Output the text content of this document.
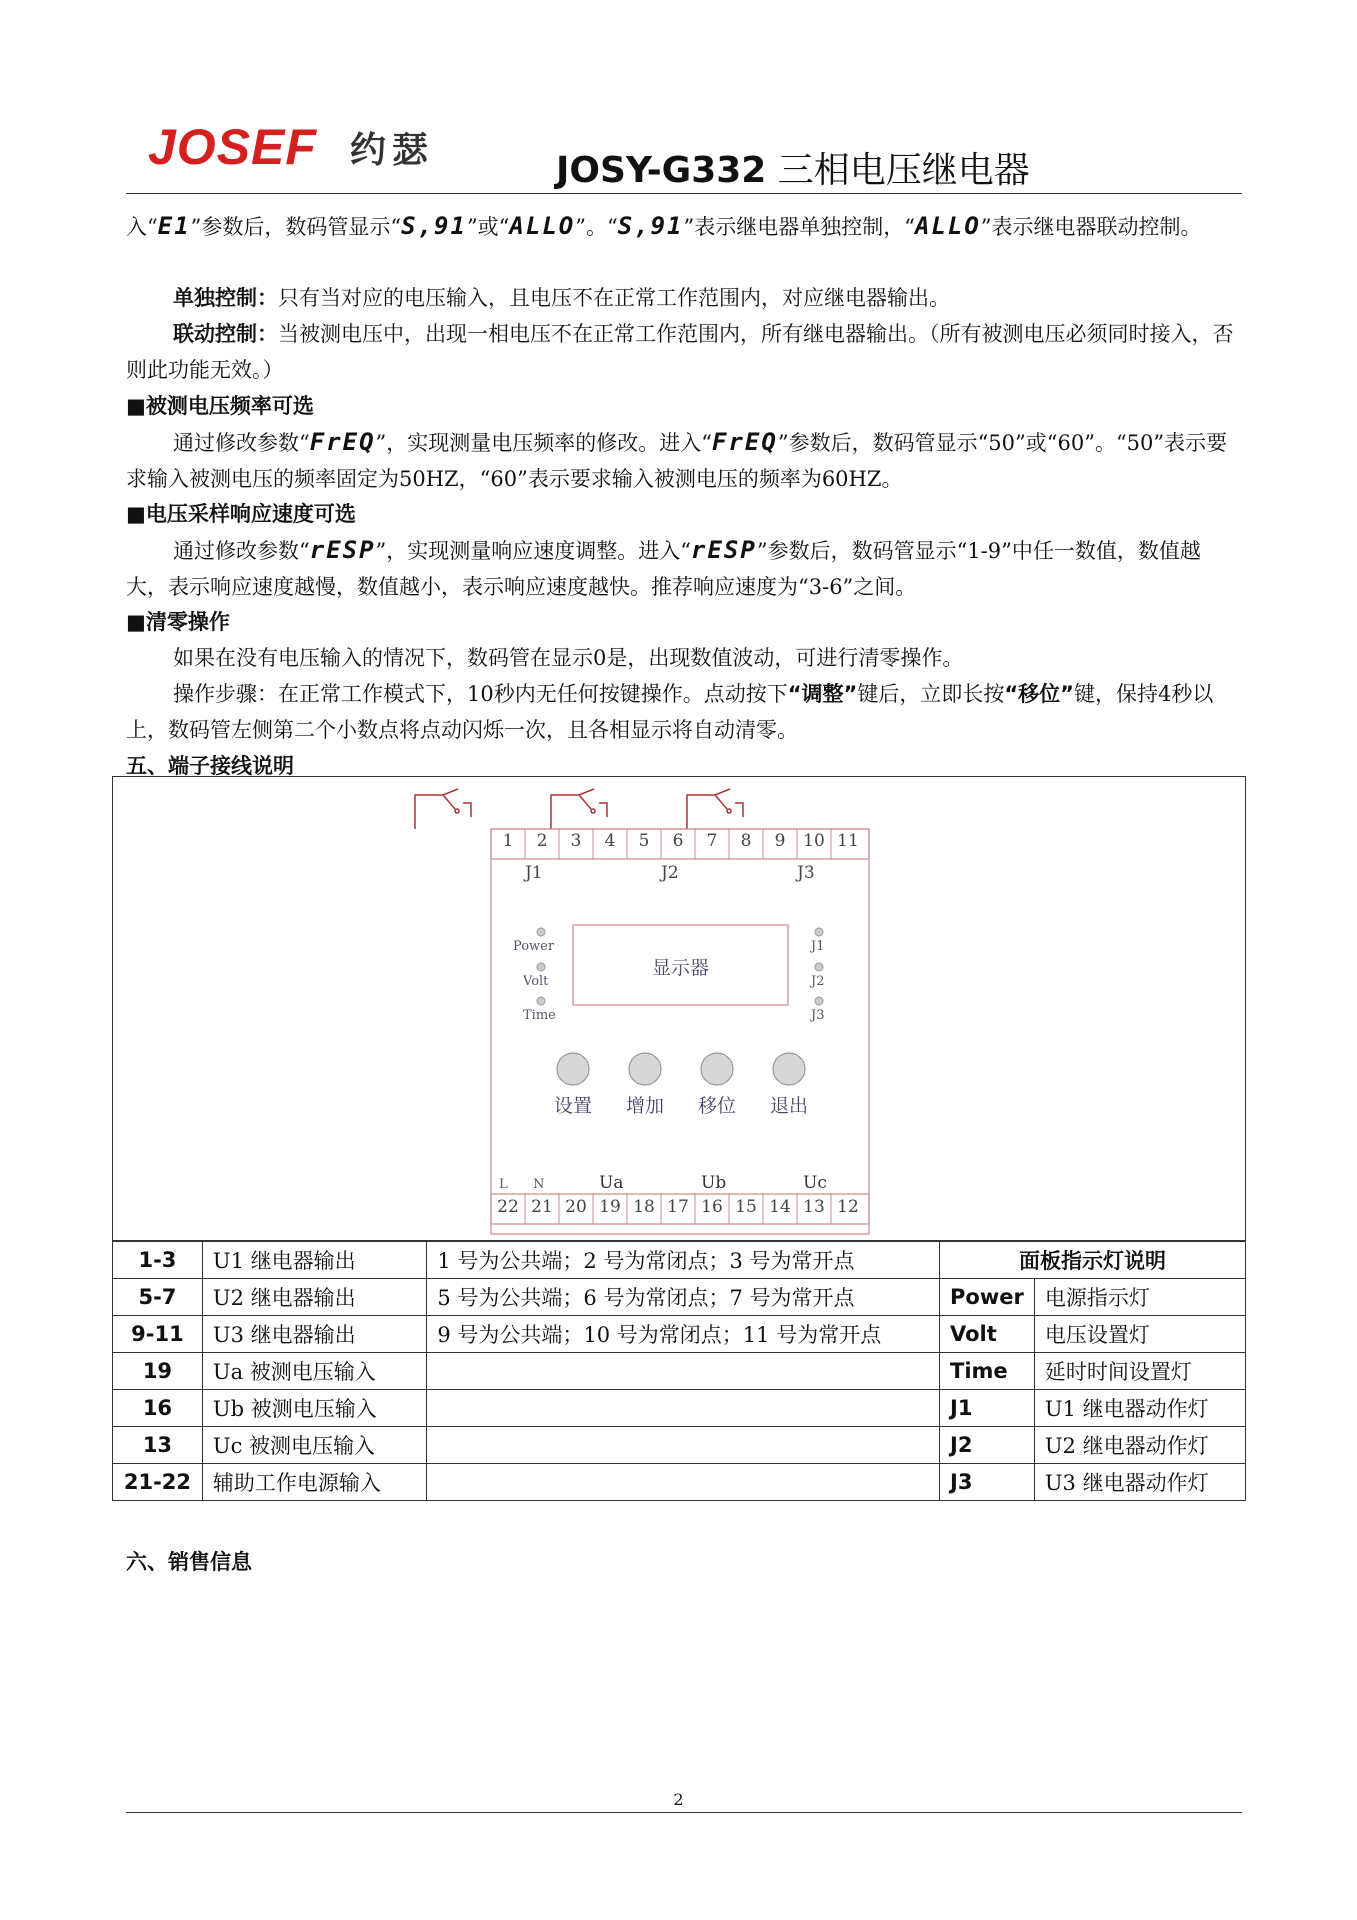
JOSEF 约瑟	JOSY-G332 三相电压继电器
入“E1”参数后，数码管显示“S,91”或“ALLO”。“S,91”表示继电器单独控制，“ALLO”表示继电器联动控制。
单独控制：只有当对应的电压输入，且电压不在正常工作范围内，对应继电器输出。
联动控制：当被测电压中，出现一相电压不在正常工作范围内，所有继电器输出。（所有被测电压必须同时接入，否则此功能无效。）
■被测电压频率可选
通过修改参数“FrEQ”，实现测量电压频率的修改。进入“FrEQ”参数后，数码管显示“50”或“60”。“50”表示要求输入被测电压的频率固定为50HZ，“60”表示要求输入被测电压的频率为60HZ。
■电压采样响应速度可选
通过修改参数“rESP”，实现测量响应速度调整。进入“rESP”参数后，数码管显示“1-9”中任一数值，数值越大，表示响应速度越慢，数值越小，表示响应速度越快。推荐响应速度为“3-6”之间。
■清零操作
如果在没有电压输入的情况下，数码管在显示0是，出现数值波动，可进行清零操作。
操作步骤：在正常工作模式下，10秒内无任何按键操作。点动按下“调整”键后，立即长按“移位”键，保持4秒以上，数码管左侧第二个小数点将点动闪烁一次，且各相显示将自动清零。
五、端子接线说明
1	2	3	4	5	6	7	8	9	10 11
J1	J2	J3
Power
Volt
Time
J1
J2
J3
显示器
设置	增加	移位	退出
L N	Ua	Ub	Uc
22 21 20 19 18 17 16 15 14 13 12
1-3	U1 继电器输出	1 号为公共端；2 号为常闭点；3 号为常开点	面板指示灯说明	
5-7	U2 继电器输出	5 号为公共端；6 号为常闭点；7 号为常开点	Power	电源指示灯
9-11	U3 继电器输出	9 号为公共端；10 号为常闭点；11 号为常开点	Volt	电压设置灯
19	Ua 被测电压输入		Time	延时时间设置灯
16	Ub 被测电压输入		J1	U1 继电器动作灯
13	Uc 被测电压输入		J2	U2 继电器动作灯
21-22	辅助工作电源输入		J3	U3 继电器动作灯
六、销售信息
2
